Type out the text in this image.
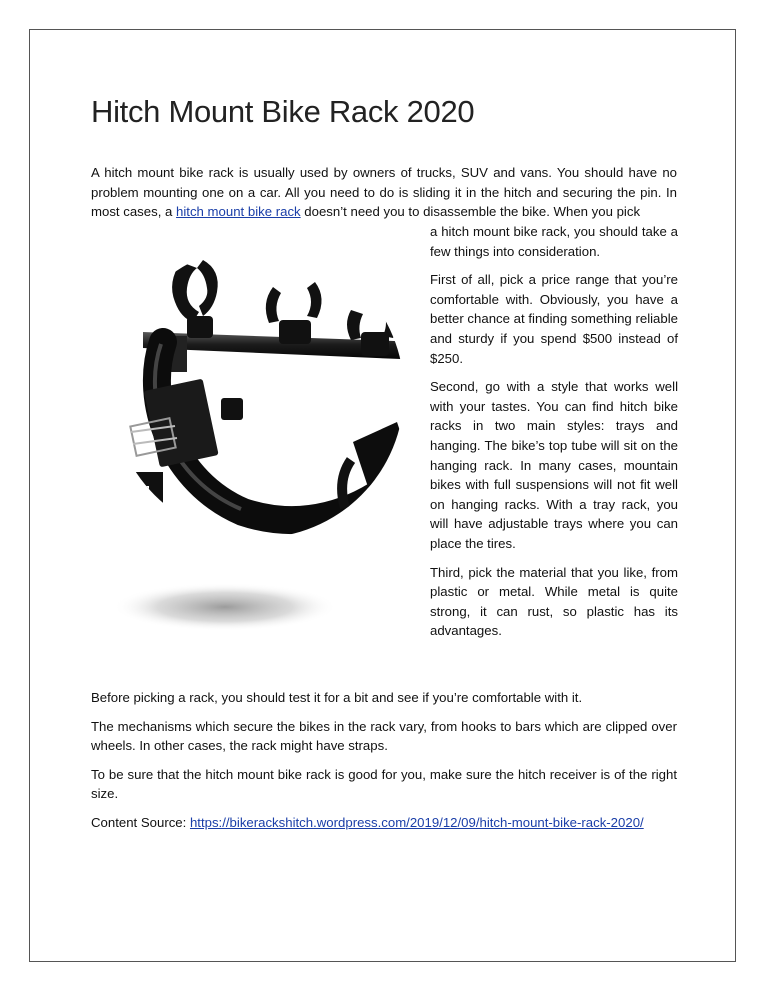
Hitch Mount Bike Rack 2020

A hitch mount bike rack is usually used by owners of trucks, SUV and vans. You should have no problem mounting one on a car. All you need to do is sliding it in the hitch and securing the pin. In most cases, a hitch mount bike rack doesn’t need you to disassemble the bike. When you pick

a hitch mount bike rack, you should take a few things into consideration.

First of all, pick a price range that you’re comfortable with. Obviously, you have a better chance at finding something reliable and sturdy if you spend $500 instead of $250.

Second, go with a style that works well with your tastes. You can find hitch bike racks in two main styles: trays and hanging. The bike’s top tube will sit on the hanging rack. In many cases, mountain bikes with full suspensions will not fit well on hanging racks. With a tray rack, you will have adjustable trays where you can place the tires.

Third, pick the material that you like, from plastic or metal. While metal is quite strong, it can rust, so plastic has its advantages.

Before picking a rack, you should test it for a bit and see if you’re comfortable with it.

The mechanisms which secure the bikes in the rack vary, from hooks to bars which are clipped over wheels. In other cases, the rack might have straps.

To be sure that the hitch mount bike rack is good for you, make sure the hitch receiver is of the right size.

Content Source: https://bikerackshitch.wordpress.com/2019/12/09/hitch-mount-bike-rack-2020/
